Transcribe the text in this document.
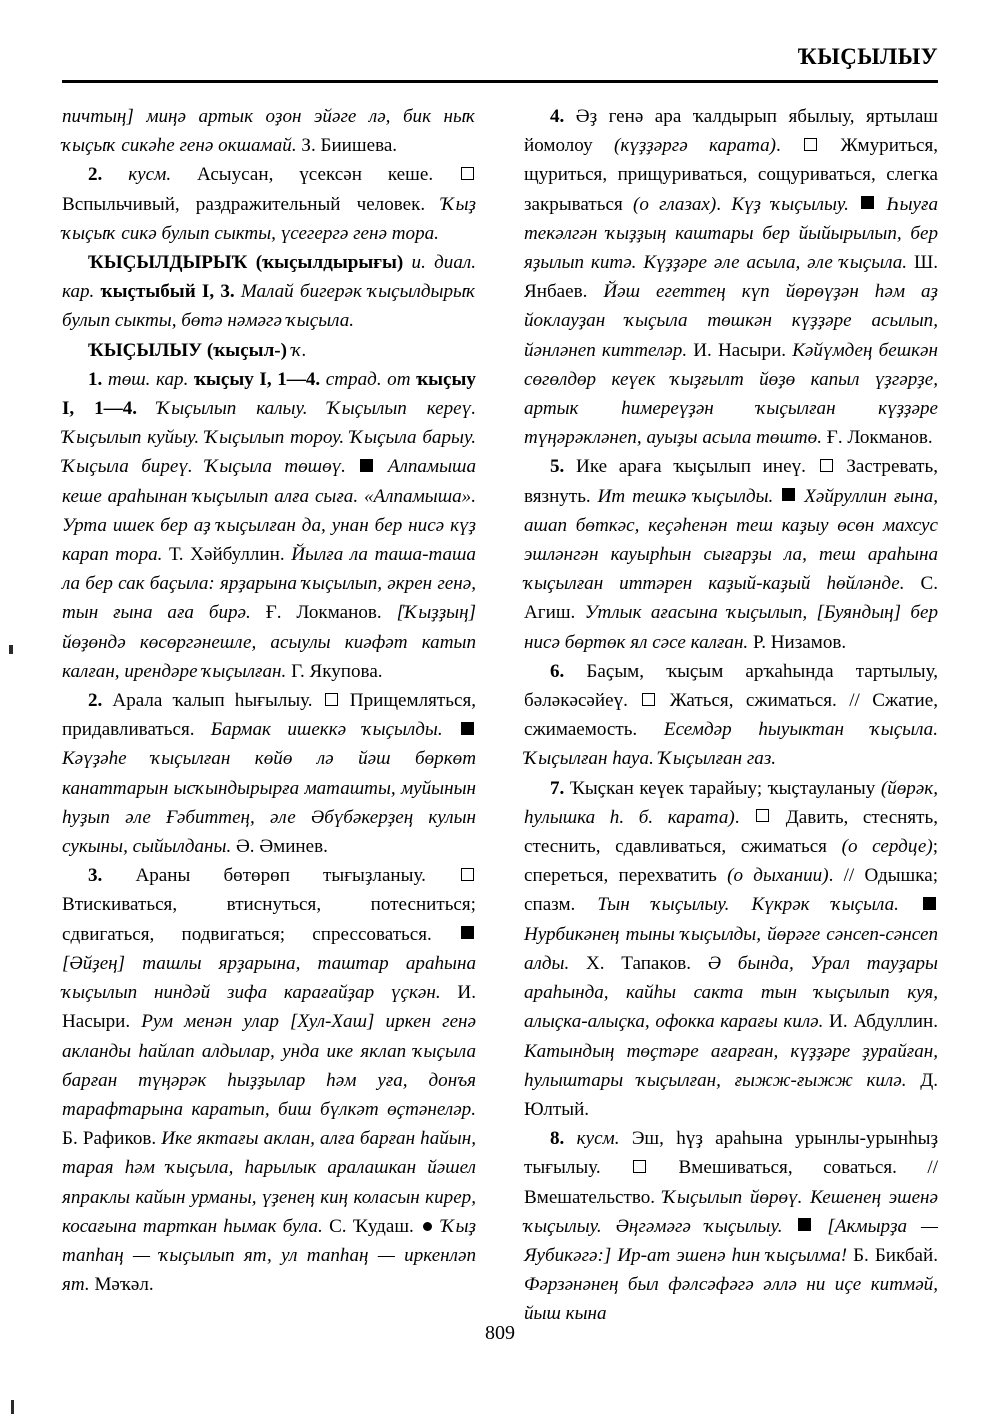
ҠЫҪЫЛЫУ

пичтың] миңә артык оҙон эйәге лә, бик ныҡ ҡыҫыҡ сикәһе генә окшамай. З. Биишева.

2. кусм. Асыусан, үсексән кеше.  Вспыльчивый, раздражительный человек. Ҡыҙ ҡыҫыҡ сикә булып сыкты, үсегергә генә тора.

ҠЫҪЫЛДЫРЫҠ (ҡыҫылдырығы) и. диал. кар. ҡыҫтыбый I, 3. Малай бигерәк ҡыҫылдырыҡ булып сыкты, бөтә нәмәгә ҡыҫыла.

ҠЫҪЫЛЫУ (ҡыҫыл-) ҡ.

1. төш. кар. ҡыҫыу I, 1—4. страд. от ҡыҫыу I, 1—4. Ҡыҫылып калыу. Ҡыҫылып кереү. Ҡыҫылып куйыу. Ҡыҫылып тороу. Ҡыҫыла барыу. Ҡыҫыла биреү. Ҡыҫыла төшөү. Алпамыша кеше араһынан ҡыҫылып алға сыға. «Алпамыша». Урта ишек бер аҙ ҡыҫылған да, унан бер нисә күҙ карап тора. Т. Хәйбуллин. Йылға ла таша-таша ла бер сак баҫыла: ярҙарына ҡыҫылып, әкрен генә, тын ғына аға бирә. Ғ. Локманов. [Ҡыҙҙың] йөҙөндә көсөргәнешле, асыулы киәфәт катып калған, ирендәре ҡыҫылған. Г. Якупова.

2. Арала ҡалып һығылыу.  Прищемляться, придавливаться. Бармак ишеккә ҡыҫылды.  Кәүҙәһе ҡыҫылған көйө лә йәш бөркөт канаттарын ысҡындырырға маташты, муйынын һуҙып әле Ғәбиттең, әле Әбүбәкерҙең кулын сукыны, сыйылданы. Ә. Әминев.

3. Араны бөтөрөп тығыҙланыу.  Втискиваться, втиснуться, потесниться; сдвигаться, подвигаться; спрессоваться.  [Әйҙең] ташлы ярҙарына, таштар араһына ҡыҫылып ниндәй зифа карағайҙар үҫкән. И. Насыри. Рум менән улар [Хул-Хаш] иркен генә акланды һайлап алдылар, унда ике яклап ҡыҫыла барған түңәрәк һыҙҙылар һәм уға, донъя тарафтарына каратып, биш бүлкәт өҫтәнеләр. Б. Рафиков. Ике яктағы аклан, алға барған һайын, тарая һәм ҡыҫыла, һарылык аралашкан йәшел япраклы кайын урманы, үҙенең киң коласын кирep, косағына тарткан һымак була. С. Ҡудаш.  Ҡыҙ тапһаң — ҡыҫылып ят, ул тапһаң — иркенләп ят. Мәҡәл.

4. Әҙ генә ара ҡалдырып ябылыу, яртылаш йомолоу (күҙҙәргә карата).  Жмуриться, щуриться, прищуриваться, сощуриваться, слегка закрываться (о глазах). Күҙ ҡыҫылыу. Һыуға текәлгән ҡыҙҙың каштары бер йыйырылып, бер яҙылып китә. Күҙҙәре әле асыла, әле ҡыҫыла. Ш. Янбаев. Йәш егеттең күп йөрөүҙән һәм аҙ йоклауҙан ҡыҫыла төшкән күҙҙәре асылып, йәнләнеп киттеләр. И. Насыри. Кәйүмдең бешкән сөгөлдөр кеүек ҡыҙғылт йөҙө капыл үҙгәрҙе, артык һимереүҙән ҡыҫылған күҙҙәре түңәрәкләнеп, ауыҙы асыла төштө. Ғ. Локманов.

5. Ике араға ҡыҫылып инеү.  Застревать, вязнуть. Ит тешкә ҡыҫылды. Хәйруллин ғына, ашап бөткәс, кеҫәһенән теш каҙыу өсөн махсус эшләнгән кауырһын сығарҙы ла, теш араһына ҡыҫылған иттәрен каҙый-каҙый һөйләнде. С. Агиш. Утлык ағасына ҡыҫылып, [Буяндың] бер нисә бөртөк ял сәсе калған. Р. Низамов.

6. Баҫым, ҡыҫым арҡаһында тартылыу, бәләкәсәйеү.  Жаться, сжиматься. // Сжатие, сжимаемость. Есемдәр һыуыктан ҡыҫыла. Ҡыҫылған һауа. Ҡыҫылған газ.

7. Ҡыҫкан кеүек тарайыу; ҡыҫтауланыу (йөрәк, һулышка һ. б. карата).  Давить, стеснять, стеснить, сдавливаться, сжиматься (о сердце); спереться, перехватить (о дыхании). // Одышка; спазм. Тын ҡыҫылыу. Күкрәк ҡыҫыла.  Нурбикәнең тыны ҡыҫылды, йөрәге сәнсеп-сәнсеп алды. Х. Тапаков. Ә бында, Урал тауҙары араһында, кайһы сакта тын ҡыҫылып куя, алыҫка-алыҫка, офокка карағы килә. И. Абдуллин. Катындың төҫтәре ағарған, күҙҙәре ҙурайған, һулыштары ҡыҫылған, ғыжж-ғыжж килә. Д. Юлтый.

8. кусм. Эш, һүҙ араһына урынлы-урынһыҙ тығылыу.  Вмешиваться, соваться. // Вмешательство. Ҡыҫылып йөрөү. Кешенең эшенә ҡыҫылыу. Әңгәмәгә ҡыҫылыу. [Акмырҙа — Яубикәгә:] Ир-ат эшенә һин ҡыҫылма! Б. Бикбай. Фәрзәнәнең был фәлсәфәгә әллә ни иҫе китмәй, йыш кына

809
